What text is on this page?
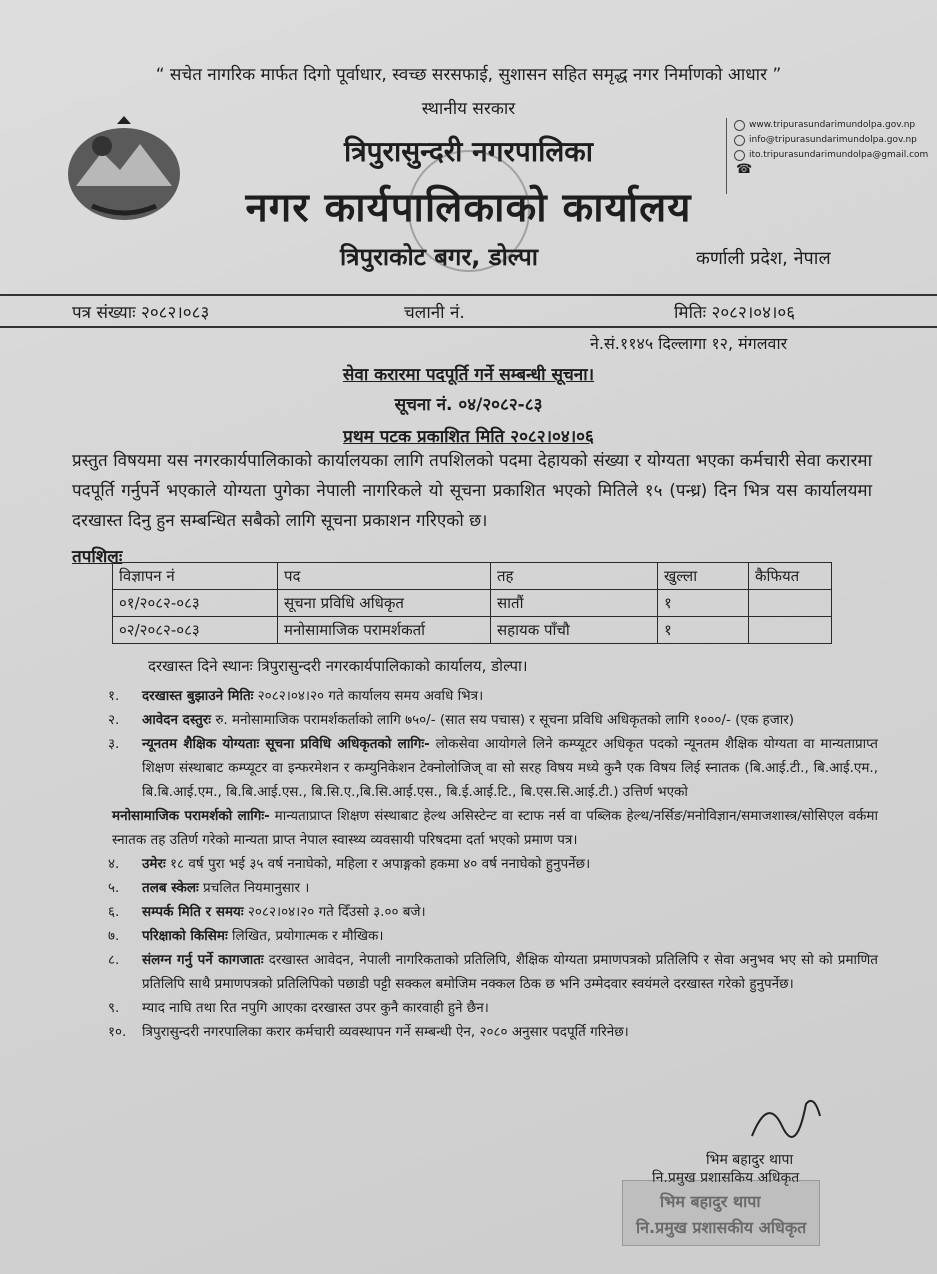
“ सचेत नागरिक मार्फत दिगो पूर्वाधार, स्वच्छ सरसफाई, सुशासन सहित समृद्ध नगर निर्माणको आधार ”
स्थानीय सरकार
त्रिपुरासुन्दरी नगरपालिका
नगर कार्यपालिकाको कार्यालय
त्रिपुराकोट बगर, डोल्पा	कर्णाली प्रदेश, नेपाल
www.tripurasundarimundolpa.gov.np
info@tripurasundarimundolpa.gov.np
ito.tripurasundarimundolpa@gmail.com
☎
पत्र संख्याः २०८२।०८३	चलानी नं.	मितिः २०८२।०४।०६
ने.सं.११४५ दिल्लागा १२, मंगलवार
सेवा करारमा पदपूर्ति गर्ने सम्बन्धी सूचना।
सूचना नं. ०४/२०८२-८३
प्रथम पटक प्रकाशित मिति २०८२।०४।०६
प्रस्तुत विषयमा यस नगरकार्यपालिकाको कार्यालयका लागि तपशिलको पदमा देहायको संख्या र योग्यता भएका कर्मचारी सेवा करारमा पदपूर्ति गर्नुपर्ने भएकाले योग्यता पुगेका नेपाली नागरिकले यो सूचना प्रकाशित भएको मितिले १५ (पन्ध्र) दिन भित्र यस कार्यालयमा दरखास्त दिनु हुन सम्बन्धित सबैको लागि सूचना प्रकाशन गरिएको छ।
तपशिलः
विज्ञापन नं	पद	तह	खुल्ला	कैफियत
०१/२०८२-०८३	सूचना प्रविधि अधिकृत	सातौं	१	
०२/२०८२-०८३	मनोसामाजिक परामर्शकर्ता	सहायक पाँचौ	१	
दरखास्त दिने स्थानः त्रिपुरासुन्दरी नगरकार्यपालिकाको कार्यालय, डोल्पा।
१.	दरखास्त बुझाउने मितिः २०८२।०४।२० गते कार्यालय समय अवधि भित्र।
२.	आवेदन दस्तुरः रु. मनोसामाजिक परामर्शकर्ताको लागि ७५०/- (सात सय पचास) र सूचना प्रविधि अधिकृतको लागि १०००/- (एक हजार)
३.	न्यूनतम शैक्षिक योग्यताः सूचना प्रविधि अधिकृतको लागिः- लोकसेवा आयोगले लिने कम्प्यूटर अधिकृत पदको न्यूनतम शैक्षिक योग्यता वा मान्यताप्राप्त शिक्षण संस्थाबाट कम्प्यूटर वा इन्फरमेशन र कम्युनिकेशन टेक्नोलोजिज् वा सो सरह विषय मध्ये कुनै एक विषय लिई स्नातक (बि.आई.टी., बि.आई.एम., बि.बि.आई.एम., बि.बि.आई.एस., बि.सि.ए.,बि.सि.आई.एस., बि.ई.आई.टि., बि.एस.सि.आई.टी.) उत्तिर्ण भएको
मनोसामाजिक परामर्शको लागिः- मान्यताप्राप्त शिक्षण संस्थाबाट हेल्थ असिस्टेन्ट वा स्टाफ नर्स वा पब्लिक हेल्थ/नर्सिङ/मनोविज्ञान/समाजशास्त्र/सोसिएल वर्कमा स्नातक तह उतिर्ण गरेको मान्यता प्राप्त नेपाल स्वास्थ्य व्यवसायी परिषदमा दर्ता भएको प्रमाण पत्र।
४.	उमेरः १८ वर्ष पुरा भई ३५ वर्ष ननाघेको, महिला र अपाङ्गको हकमा ४० वर्ष ननाघेको हुनुपर्नेछ।
५.	तलब स्केलः प्रचलित नियमानुसार ।
६.	सम्पर्क मिति र समयः २०८२।०४।२० गते दिँउसो ३.०० बजे।
७.	परिक्षाको किसिमः लिखित, प्रयोगात्मक र मौखिक।
८.	संलग्न गर्नु पर्ने कागजातः दरखास्त आवेदन, नेपाली नागरिकताको प्रतिलिपि, शैक्षिक योग्यता प्रमाणपत्रको प्रतिलिपि र सेवा अनुभव भए सो को प्रमाणित प्रतिलिपि साथै प्रमाणपत्रको प्रतिलिपिको पछाडी पट्टी सक्कल बमोजिम नक्कल ठिक छ भनि उम्मेदवार स्वयंमले दरखास्त गरेको हुनुपर्नेछ।
९.	म्याद नाघि तथा रित नपुगि आएका दरखास्त उपर कुनै कारवाही हुने छैन।
१०.	त्रिपुरासुन्दरी नगरपालिका करार कर्मचारी व्यवस्थापन गर्ने सम्बन्धी ऐन, २०८० अनुसार पदपूर्ति गरिनेछ।
भिम बहादुर थापा
नि.प्रमुख प्रशासकिय अधिकृत
भिम बहादुर थापा
नि.प्रमुख प्रशासकीय अधिकृत
